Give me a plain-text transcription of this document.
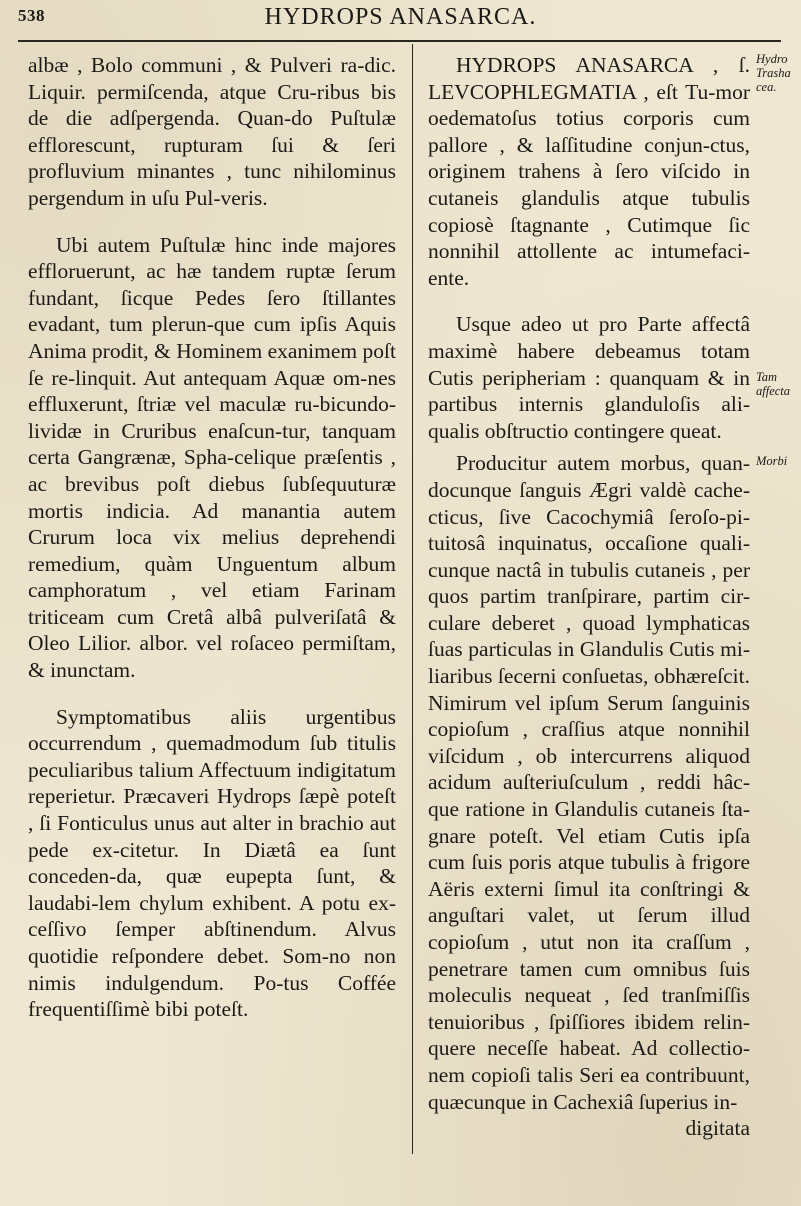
538	HYDROPS ANASARCA.

albæ , Bolo communi , & Pulveri ra-dic. Liquir. permiſcenda, atque Cru-ribus bis de die adſpergenda. Quan-do Puſtulæ efflorescunt, rupturam ſui & ſeri profluvium minantes , tunc nihilominus pergendum in uſu Pul-veris.

Ubi autem Puſtulæ hinc inde majores effloruerunt, ac hæ tandem ruptæ ſerum fundant, ſicque Pedes ſero ſtillantes evadant, tum plerun-que cum ipſis Aquis Anima prodit, & Hominem exanimem poſt ſe re-linquit. Aut antequam Aquæ om-nes effluxerunt, ſtriæ vel maculæ ru-bicundo-lividæ in Cruribus enaſcun-tur, tanquam certa Gangrænæ, Spha-celique præſentis , ac brevibus poſt diebus ſubſequuturæ mortis indicia. Ad manantia autem Crurum loca vix melius deprehendi remedium, quàm Unguentum album camphoratum , vel etiam Farinam triticeam cum Cretâ albâ pulveriſatâ & Oleo Lilior. albor. vel roſaceo permiſtam, & inunctam.

Symptomatibus aliis urgentibus occurrendum , quemadmodum ſub titulis peculiaribus talium Affectuum indigitatum reperietur. Præcaveri Hydrops ſæpè poteſt , ſi Fonticulus unus aut alter in brachio aut pede ex-citetur. In Diætâ ea ſunt conceden-da, quæ eupepta ſunt, & laudabi-lem chylum exhibent. A potu ex-ceſſivo ſemper abſtinendum. Alvus quotidie reſpondere debet. Som-no non nimis indulgendum. Po-tus Coffée frequentiſſimè bibi poteſt.

HYDROPS ANASARCA , ſ. LEVCOPHLEGMATIA , eſt Tu-mor oedematoſus totius corporis cum pallore , & laſſitudine conjun-ctus, originem trahens à ſero viſcido in cutaneis glandulis atque tubulis copiosè ſtagnante , Cutimque ſic nonnihil attollente ac intumefaci-ente.

Usque adeo ut pro Parte affectâ maximè habere debeamus totam Cutis peripheriam : quanquam & in partibus internis glanduloſis ali-qualis obſtructio contingere queat.

Producitur autem morbus, quan-docunque ſanguis Ægri valdè cache-cticus, ſive Cacochymiâ ſeroſo-pi-tuitosâ inquinatus, occaſione quali-cunque nactâ in tubulis cutaneis , per quos partim tranſpirare, partim cir-culare deberet , quoad lymphaticas ſuas particulas in Glandulis Cutis mi-liaribus ſecerni conſuetas, obhæreſcit. Nimirum vel ipſum Serum ſanguinis copioſum , craſſius atque nonnihil viſcidum , ob intercurrens aliquod acidum auſteriuſculum , reddi hâc-que ratione in Glandulis cutaneis ſta-gnare poteſt. Vel etiam Cutis ipſa cum ſuis poris atque tubulis à frigore Aëris externi ſimul ita conſtringi & anguſtari valet, ut ſerum illud copioſum , utut non ita craſſum , penetrare tamen cum omnibus ſuis moleculis nequeat , ſed tranſmiſſis tenuioribus , ſpiſſiores ibidem relin-quere neceſſe habeat. Ad collectio-nem copioſi talis Seri ea contribuunt, quæcunque in Cachexiâ ſuperius in-

digitata

Hydro
Trasha
cea.
Tam
affecta
Morbi
